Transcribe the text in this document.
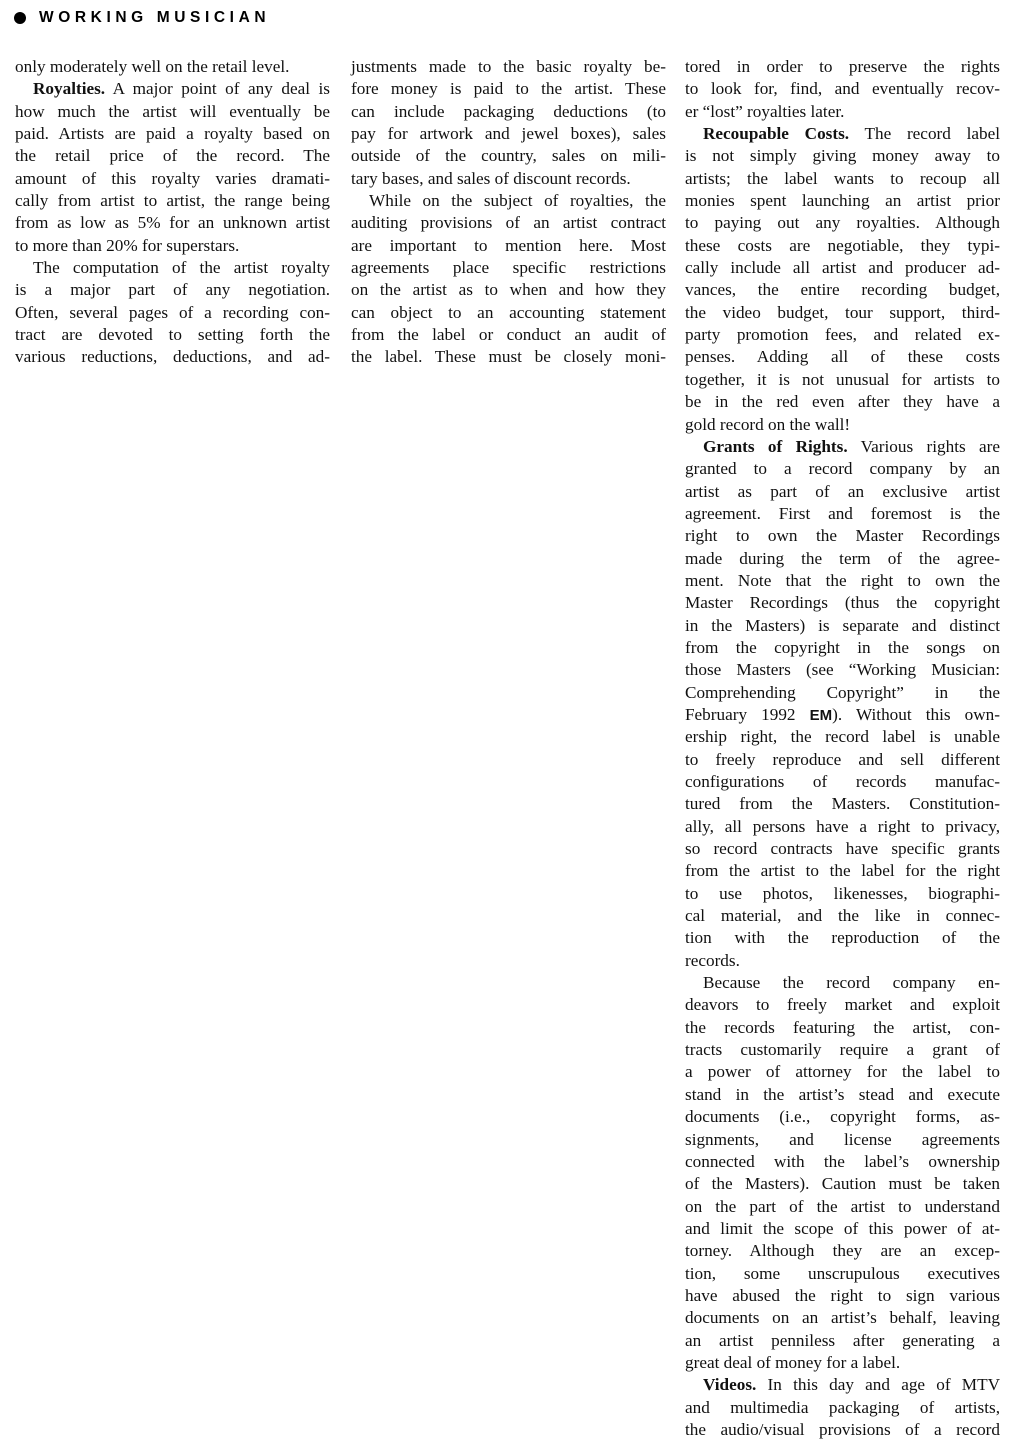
WORKING MUSICIAN
only moderately well on the retail level.
Royalties. A major point of any deal is
how much the artist will eventually be
paid. Artists are paid a royalty based on
the retail price of the record. The
amount of this royalty varies dramati-
cally from artist to artist, the range being
from as low as 5% for an unknown artist
to more than 20% for superstars.
The computation of the artist royalty
is a major part of any negotiation.
Often, several pages of a recording con-
tract are devoted to setting forth the
various reductions, deductions, and ad-
justments made to the basic royalty be-
fore money is paid to the artist. These
can include packaging deductions (to
pay for artwork and jewel boxes), sales
outside of the country, sales on mili-
tary bases, and sales of discount records.
While on the subject of royalties, the
auditing provisions of an artist contract
are important to mention here. Most
agreements place specific restrictions
on the artist as to when and how they
can object to an accounting statement
from the label or conduct an audit of
the label. These must be closely moni-
tored in order to preserve the rights
to look for, find, and eventually recov-
er “lost” royalties later.
Recoupable Costs. The record label
is not simply giving money away to
artists; the label wants to recoup all
monies spent launching an artist prior
to paying out any royalties. Although
these costs are negotiable, they typi-
cally include all artist and producer ad-
vances, the entire recording budget,
the video budget, tour support, third-
party promotion fees, and related ex-
penses. Adding all of these costs
together, it is not unusual for artists to
be in the red even after they have a
gold record on the wall!
Grants of Rights. Various rights are
granted to a record company by an
artist as part of an exclusive artist
agreement. First and foremost is the
right to own the Master Recordings
made during the term of the agree-
ment. Note that the right to own the
Master Recordings (thus the copyright
in the Masters) is separate and distinct
from the copyright in the songs on
those Masters (see “Working Musician:
Comprehending Copyright” in the
February 1992 EM). Without this own-
ership right, the record label is unable
to freely reproduce and sell different
configurations of records manufac-
tured from the Masters. Constitution-
ally, all persons have a right to privacy,
so record contracts have specific grants
from the artist to the label for the right
to use photos, likenesses, biographi-
cal material, and the like in connec-
tion with the reproduction of the
records.
Because the record company en-
deavors to freely market and exploit
the records featuring the artist, con-
tracts customarily require a grant of
a power of attorney for the label to
stand in the artist’s stead and execute
documents (i.e., copyright forms, as-
signments, and license agreements
connected with the label’s ownership
of the Masters). Caution must be taken
on the part of the artist to understand
and limit the scope of this power of at-
torney. Although they are an excep-
tion, some unscrupulous executives
have abused the right to sign various
documents on an artist’s behalf, leaving
an artist penniless after generating a
great deal of money for a label.
Videos. In this day and age of MTV
and multimedia packaging of artists,
the audio/visual provisions of a record
